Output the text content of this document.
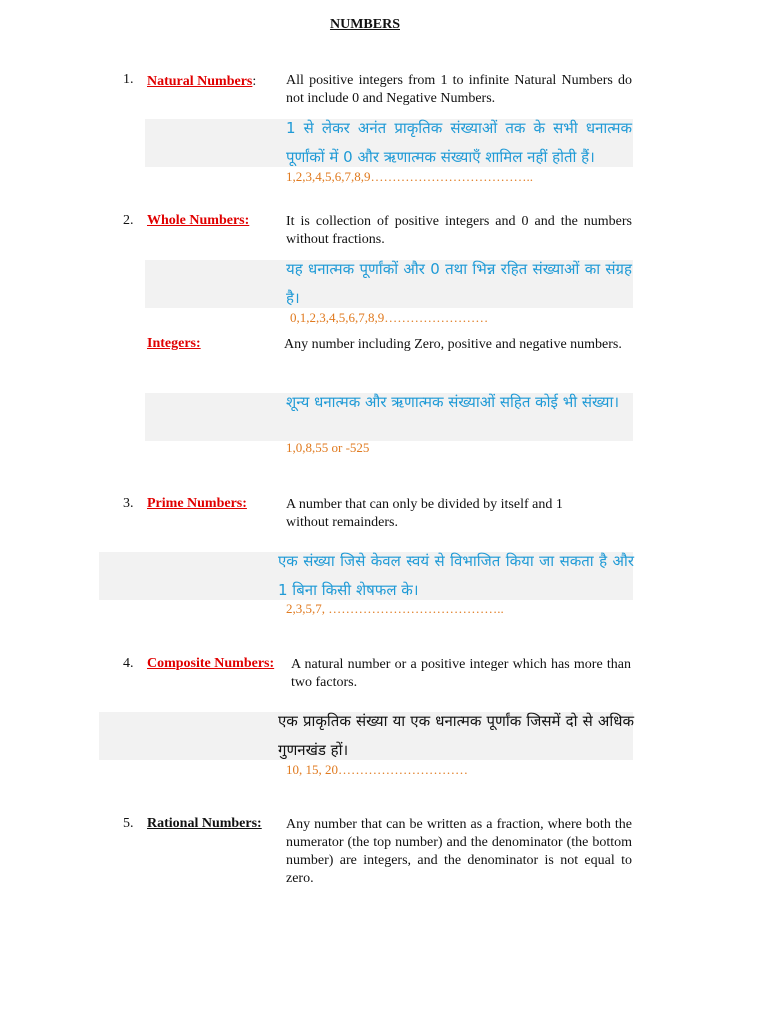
NUMBERS
1. Natural Numbers: All positive integers from 1 to infinite Natural Numbers do not include 0 and Negative Numbers.
1 से लेकर अनंत प्राकृतिक संख्याओं तक के सभी धनात्मक पूर्णांकों में 0 और ऋणात्मक संख्याएँ शामिल नहीं होती हैं।
1,2,3,4,5,6,7,8,9………………………………..
2. Whole Numbers:	It is collection of positive integers and 0 and the numbers without fractions.
यह धनात्मक पूर्णांकों और 0 तथा भिन्न रहित संख्याओं का संग्रह है।
0,1,2,3,4,5,6,7,8,9……………………
Integers:	Any number including Zero, positive and negative numbers.
शून्य धनात्मक और ऋणात्मक संख्याओं सहित कोई भी संख्या।
1,0,8,55 or -525
3. Prime Numbers:	A number that can only be divided by itself and 1 without remainders.
एक संख्या जिसे केवल स्वयं से विभाजित किया जा सकता है और 1 बिना किसी शेषफल के।
2,3,5,7, …………………………………..
4. Composite Numbers: A natural number or a positive integer which has more than two factors.
एक प्राकृतिक संख्या या एक धनात्मक पूर्णांक जिसमें दो से अधिक गुणनखंड हों।
10, 15, 20…………………………
5. Rational Numbers: Any number that can be written as a fraction, where both the numerator (the top number) and the denominator (the bottom number) are integers, and the denominator is not equal to zero.
